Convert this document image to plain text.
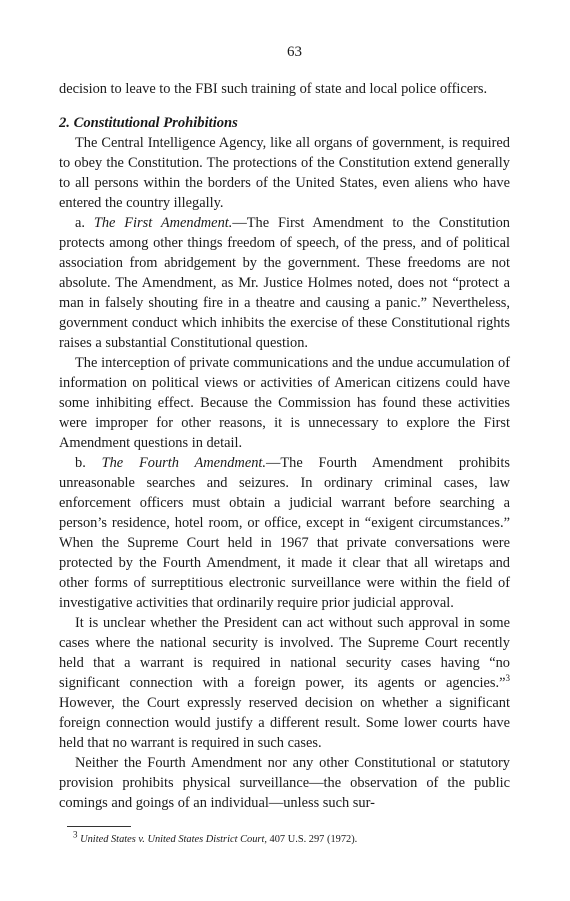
63

decision to leave to the FBI such training of state and local police officers.

2. Constitutional Prohibitions

The Central Intelligence Agency, like all organs of government, is required to obey the Constitution. The protections of the Constitution extend generally to all persons within the borders of the United States, even aliens who have entered the country illegally.

a. The First Amendment.—The First Amendment to the Constitution protects among other things freedom of speech, of the press, and of political association from abridgement by the government. These freedoms are not absolute. The Amendment, as Mr. Justice Holmes noted, does not “protect a man in falsely shouting fire in a theatre and causing a panic.” Nevertheless, government conduct which inhibits the exercise of these Constitutional rights raises a substantial Constitutional question.

The interception of private communications and the undue accumulation of information on political views or activities of American citizens could have some inhibiting effect. Because the Commission has found these activities were improper for other reasons, it is unnecessary to explore the First Amendment questions in detail.

b. The Fourth Amendment.—The Fourth Amendment prohibits unreasonable searches and seizures. In ordinary criminal cases, law enforcement officers must obtain a judicial warrant before searching a person’s residence, hotel room, or office, except in “exigent circumstances.” When the Supreme Court held in 1967 that private conversations were protected by the Fourth Amendment, it made it clear that all wiretaps and other forms of surreptitious electronic surveillance were within the field of investigative activities that ordinarily require prior judicial approval.

It is unclear whether the President can act without such approval in some cases where the national security is involved. The Supreme Court recently held that a warrant is required in national security cases having “no significant connection with a foreign power, its agents or agencies.”$^3$ However, the Court expressly reserved decision on whether a significant foreign connection would justify a different result. Some lower courts have held that no warrant is required in such cases.

Neither the Fourth Amendment nor any other Constitutional or statutory provision prohibits physical surveillance—the observation of the public comings and goings of an individual—unless such sur-

$^3$ United States v. United States District Court, 407 U.S. 297 (1972).
